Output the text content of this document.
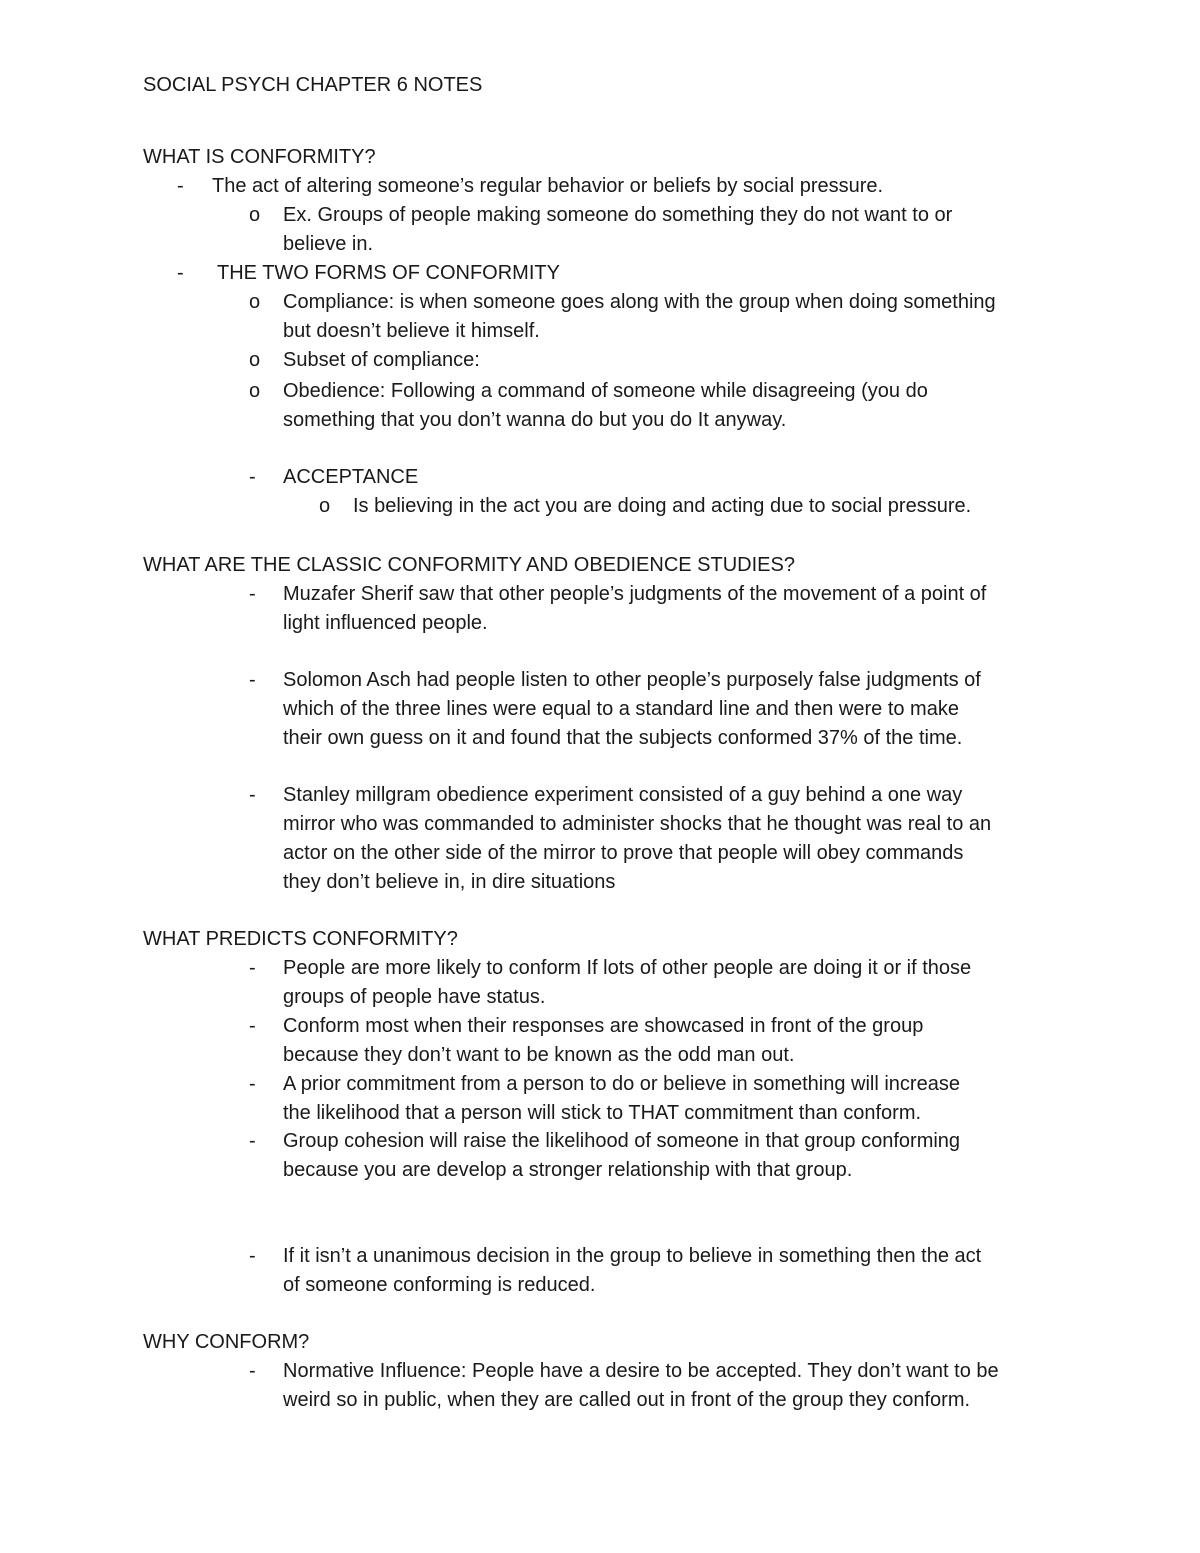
SOCIAL PSYCH CHAPTER 6 NOTES
WHAT IS CONFORMITY?
- The act of altering someone’s regular behavior or beliefs by social pressure.
o Ex. Groups of people making someone do something they do not want to or
believe in.
- THE TWO FORMS OF CONFORMITY
o Compliance: is when someone goes along with the group when doing something
but doesn’t believe it himself.
o Subset of compliance:
o Obedience: Following a command of someone while disagreeing (you do
something that you don’t wanna do but you do It anyway.
- ACCEPTANCE
o Is believing in the act you are doing and acting due to social pressure.
WHAT ARE THE CLASSIC CONFORMITY AND OBEDIENCE STUDIES?
- Muzafer Sherif saw that other people’s judgments of the movement of a point of
light influenced people.
- Solomon Asch had people listen to other people’s purposely false judgments of
which of the three lines were equal to a standard line and then were to make
their own guess on it and found that the subjects conformed 37% of the time.
- Stanley millgram obedience experiment consisted of a guy behind a one way
mirror who was commanded to administer shocks that he thought was real to an
actor on the other side of the mirror to prove that people will obey commands
they don’t believe in, in dire situations
WHAT PREDICTS CONFORMITY?
- People are more likely to conform If lots of other people are doing it or if those
groups of people have status.
- Conform most when their responses are showcased in front of the group
because they don’t want to be known as the odd man out.
- A prior commitment from a person to do or believe in something will increase
the likelihood that a person will stick to THAT commitment than conform.
- Group cohesion will raise the likelihood of someone in that group conforming
because you are develop a stronger relationship with that group.
- If it isn’t a unanimous decision in the group to believe in something then the act
of someone conforming is reduced.
WHY CONFORM?
- Normative Influence: People have a desire to be accepted. They don’t want to be
weird so in public, when they are called out in front of the group they conform.
